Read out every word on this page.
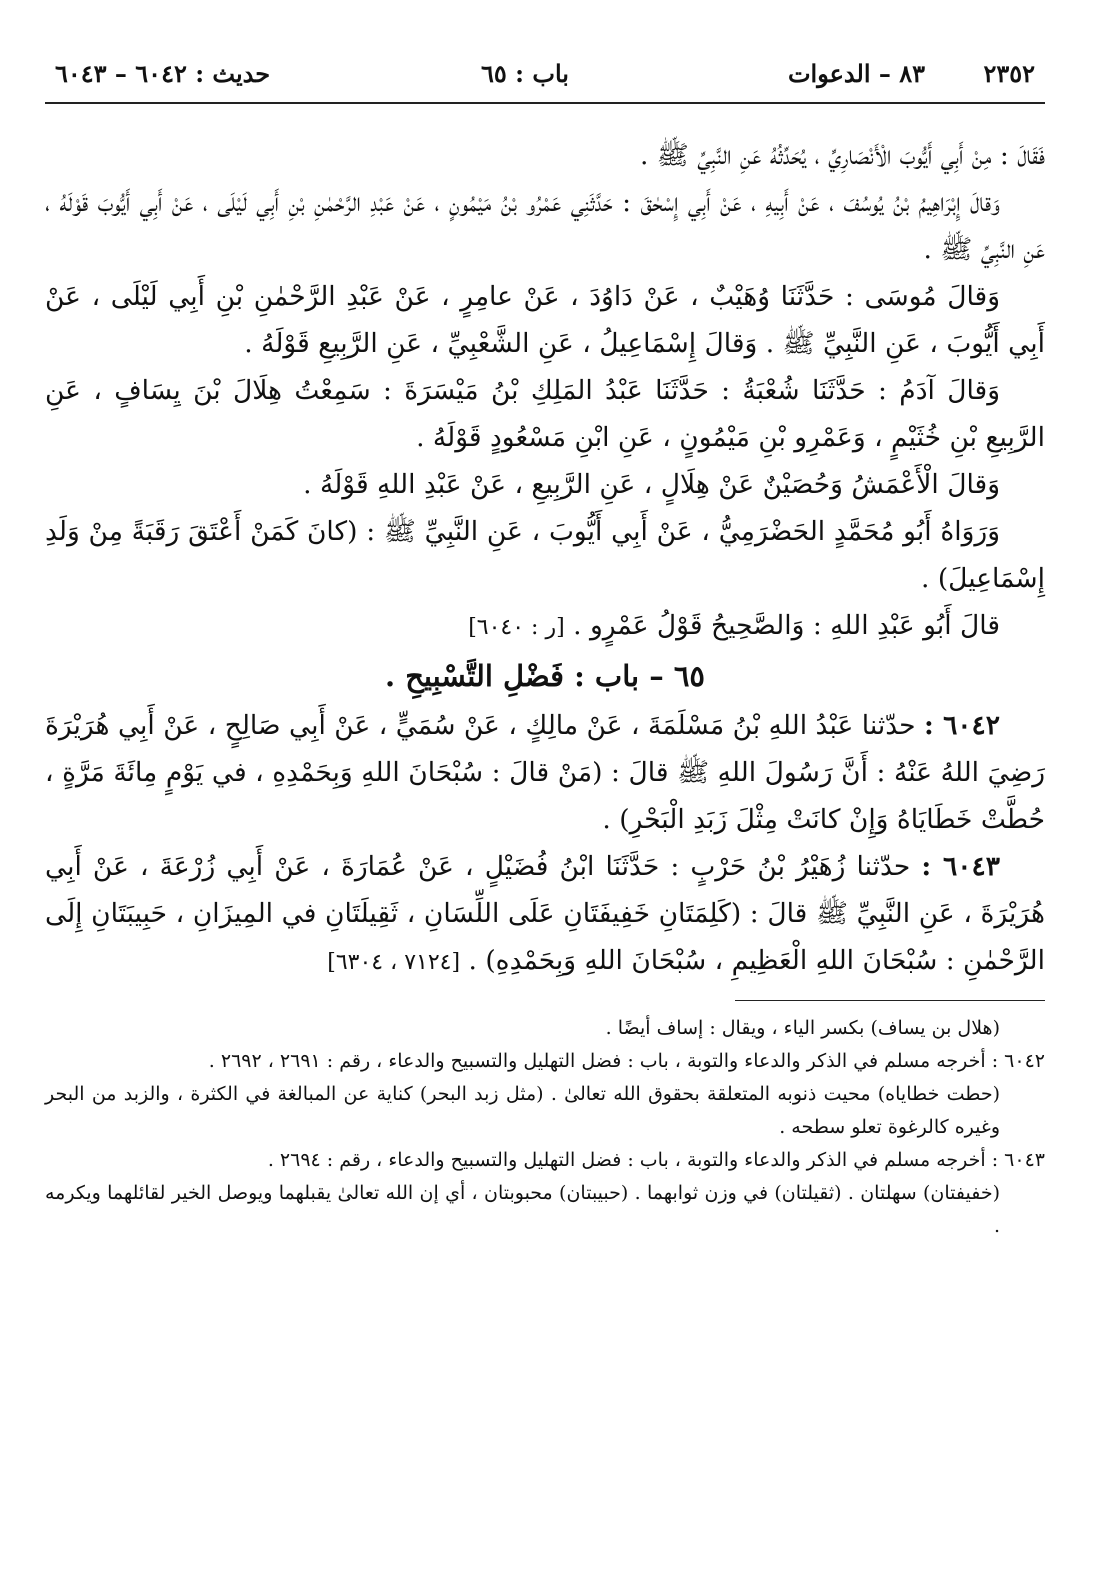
٢٣٥٢
٨٣ – الدعوات
باب : ٦٥
حديث : ٦٠٤٢ – ٦٠٤٣

فَقَالَ : مِنْ أَبِي أَيُّوبَ الْأَنْصَارِيِّ ، يُحَدِّثُهُ عَنِ النَّبِيِّ ﷺ .

وَقالَ إِبْرَاهِيمُ بْنُ يُوسُفَ ، عَنْ أَبِيهِ ، عَنْ أَبِي إِسْحٰقَ : حَدَّثَنِي عَمْرُو بْنُ مَيْمُونٍ ، عَنْ عَبْدِ الرَّحْمٰنِ بْنِ أَبِي لَيْلَى ، عَنْ أَبِي أَيُّوبَ قَوْلَهُ ، عَنِ النَّبِيِّ ﷺ .

وَقالَ مُوسَى : حَدَّثَنَا وُهَيْبٌ ، عَنْ دَاوُدَ ، عَنْ عامِرٍ ، عَنْ عَبْدِ الرَّحْمٰنِ بْنِ أَبِي لَيْلَى ، عَنْ أَبِي أَيُّوبَ ، عَنِ النَّبِيِّ ﷺ . وَقالَ إِسْمَاعِيلُ ، عَنِ الشَّعْبِيِّ ، عَنِ الرَّبِيعِ قَوْلَهُ .

وَقالَ آدَمُ : حَدَّثَنَا شُعْبَةُ : حَدَّثَنَا عَبْدُ المَلِكِ بْنُ مَيْسَرَةَ : سَمِعْتُ هِلَالَ بْنَ يِسَافٍ ، عَنِ الرَّبِيعِ بْنِ خُثَيْمٍ ، وَعَمْرِو بْنِ مَيْمُونٍ ، عَنِ ابْنِ مَسْعُودٍ قَوْلَهُ .

وَقالَ الْأَعْمَشُ وَحُصَيْنٌ عَنْ هِلَالٍ ، عَنِ الرَّبِيعِ ، عَنْ عَبْدِ اللهِ قَوْلَهُ .

وَرَوَاهُ أَبُو مُحَمَّدٍ الحَضْرَمِيُّ ، عَنْ أَبِي أَيُّوبَ ، عَنِ النَّبِيِّ ﷺ : (كانَ كَمَنْ أَعْتَقَ رَقَبَةً مِنْ وَلَدِ إِسْمَاعِيلَ) .

قالَ أَبُو عَبْدِ اللهِ : وَالصَّحِيحُ قَوْلُ عَمْرٍو . [ر : ٦٠٤٠]

٦٥ – باب : فَضْلِ التَّسْبِيحِ .

٦٠٤٢ : حدّثنا عَبْدُ اللهِ بْنُ مَسْلَمَةَ ، عَنْ مالِكٍ ، عَنْ سُمَيٍّ ، عَنْ أَبِي صَالِحٍ ، عَنْ أَبِي هُرَيْرَةَ رَضِيَ اللهُ عَنْهُ : أَنَّ رَسُولَ اللهِ ﷺ قالَ : (مَنْ قالَ : سُبْحَانَ اللهِ وَبِحَمْدِهِ ، في يَوْمٍ مِائَةَ مَرَّةٍ ، حُطَّتْ خَطَايَاهُ وَإِنْ كانَتْ مِثْلَ زَبَدِ الْبَحْرِ) .

٦٠٤٣ : حدّثنا زُهَيْرُ بْنُ حَرْبٍ : حَدَّثَنَا ابْنُ فُضَيْلٍ ، عَنْ عُمَارَةَ ، عَنْ أَبِي زُرْعَةَ ، عَنْ أَبِي هُرَيْرَةَ ، عَنِ النَّبِيِّ ﷺ قالَ : (كَلِمَتَانِ خَفِيفَتَانِ عَلَى اللِّسَانِ ، ثَقِيلَتَانِ في المِيزَانِ ، حَبِيبَتَانِ إِلَى الرَّحْمٰنِ : سُبْحَانَ اللهِ الْعَظِيمِ ، سُبْحَانَ اللهِ وَبِحَمْدِهِ) . [٧١٢٤ ، ٦٣٠٤]

(هلال بن يساف) بكسر الياء ، ويقال : إساف أيضًا .

٦٠٤٢ : أخرجه مسلم في الذكر والدعاء والتوبة ، باب : فضل التهليل والتسبيح والدعاء ، رقم : ٢٦٩١ ، ٢٦٩٢ .

(حطت خطاياه) محيت ذنوبه المتعلقة بحقوق الله تعالىٰ . (مثل زبد البحر) كناية عن المبالغة في الكثرة ، والزبد من البحر وغيره كالرغوة تعلو سطحه .

٦٠٤٣ : أخرجه مسلم في الذكر والدعاء والتوبة ، باب : فضل التهليل والتسبيح والدعاء ، رقم : ٢٦٩٤ .

(خفيفتان) سهلتان . (ثقيلتان) في وزن ثوابهما . (حبيبتان) محبوبتان ، أي إن الله تعالىٰ يقبلهما ويوصل الخير لقائلهما ويكرمه .
